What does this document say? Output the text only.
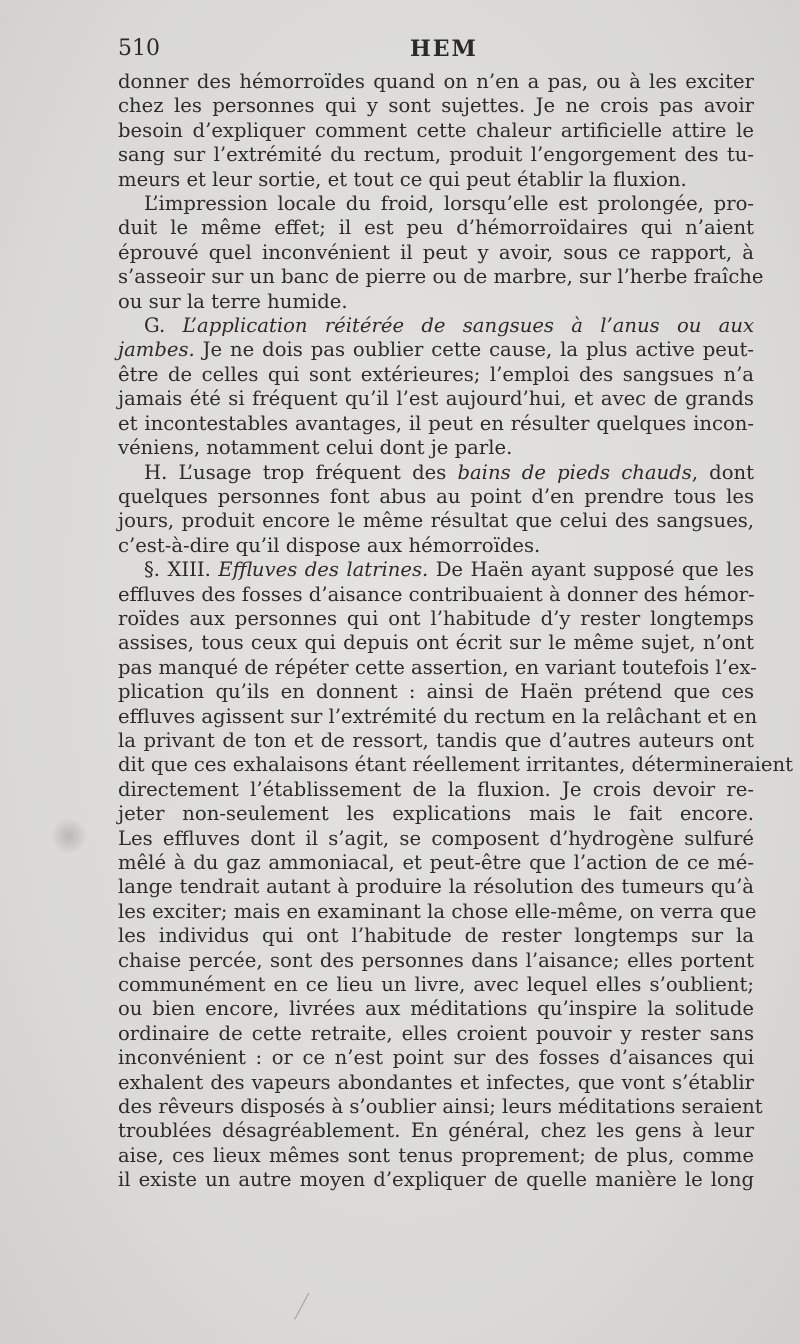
510	HEM
donner des hémorroïdes quand on n’en a pas, ou à les exciter
chez les personnes qui y sont sujettes. Je ne crois pas avoir
besoin d’expliquer comment cette chaleur artificielle attire le
sang sur l’extrémité du rectum, produit l’engorgement des tu-
meurs et leur sortie, et tout ce qui peut établir la fluxion.
L’impression locale du froid, lorsqu’elle est prolongée, pro-
duit le même effet; il est peu d’hémorroïdaires qui n’aient
éprouvé quel inconvénient il peut y avoir, sous ce rapport, à
s’asseoir sur un banc de pierre ou de marbre, sur l’herbe fraîche
ou sur la terre humide.
G. L’application réitérée de sangsues à l’anus ou aux
jambes. Je ne dois pas oublier cette cause, la plus active peut-
être de celles qui sont extérieures; l’emploi des sangsues n’a
jamais été si fréquent qu’il l’est aujourd’hui, et avec de grands
et incontestables avantages, il peut en résulter quelques incon-
véniens, notamment celui dont je parle.
H. L’usage trop fréquent des bains de pieds chauds, dont
quelques personnes font abus au point d’en prendre tous les
jours, produit encore le même résultat que celui des sangsues,
c’est-à-dire qu’il dispose aux hémorroïdes.
§. XIII. Effluves des latrines. De Haën ayant supposé que les
effluves des fosses d’aisance contribuaient à donner des hémor-
roïdes aux personnes qui ont l’habitude d’y rester longtemps
assises, tous ceux qui depuis ont écrit sur le même sujet, n’ont
pas manqué de répéter cette assertion, en variant toutefois l’ex-
plication qu’ils en donnent : ainsi de Haën prétend que ces
effluves agissent sur l’extrémité du rectum en la relâchant et en
la privant de ton et de ressort, tandis que d’autres auteurs ont
dit que ces exhalaisons étant réellement irritantes, détermineraient
directement l’établissement de la fluxion. Je crois devoir re-
jeter non-seulement les explications mais le fait encore.
Les effluves dont il s’agit, se composent d’hydrogène sulfuré
mêlé à du gaz ammoniacal, et peut-être que l’action de ce mé-
lange tendrait autant à produire la résolution des tumeurs qu’à
les exciter; mais en examinant la chose elle-même, on verra que
les individus qui ont l’habitude de rester longtemps sur la
chaise percée, sont des personnes dans l’aisance; elles portent
communément en ce lieu un livre, avec lequel elles s’oublient;
ou bien encore, livrées aux méditations qu’inspire la solitude
ordinaire de cette retraite, elles croient pouvoir y rester sans
inconvénient : or ce n’est point sur des fosses d’aisances qui
exhalent des vapeurs abondantes et infectes, que vont s’établir
des rêveurs disposés à s’oublier ainsi; leurs méditations seraient
troublées désagréablement. En général, chez les gens à leur
aise, ces lieux mêmes sont tenus proprement; de plus, comme
il existe un autre moyen d’expliquer de quelle manière le long
